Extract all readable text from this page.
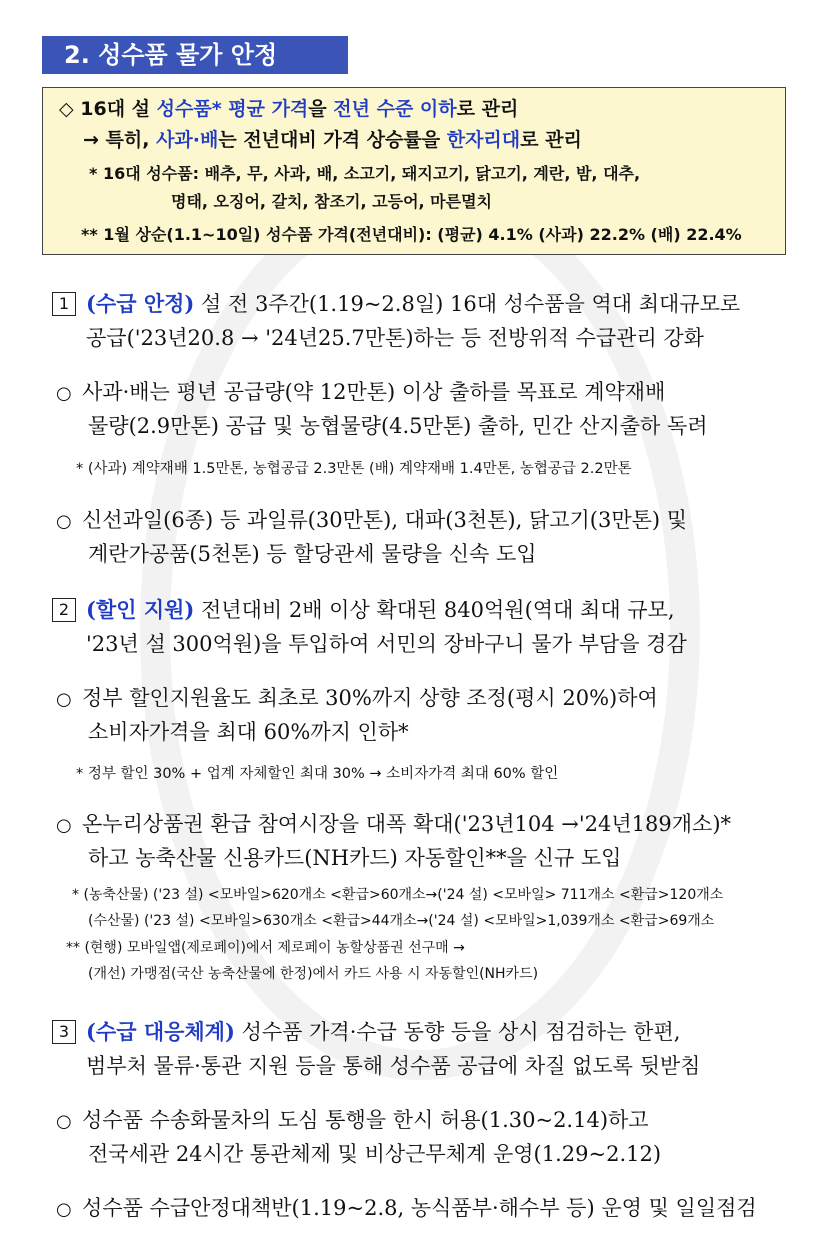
2. 성수품 물가 안정
◇ 16대 설 성수품* 평균 가격을 전년 수준 이하로 관리
→ 특히, 사과·배는 전년대비 가격 상승률을 한자리대로 관리
* 16대 성수품: 배추, 무, 사과, 배, 소고기, 돼지고기, 닭고기, 계란, 밤, 대추,
명태, 오징어, 갈치, 참조기, 고등어, 마른멸치
** 1월 상순(1.1~10일) 성수품 가격(전년대비): (평균) 4.1% (사과) 22.2% (배) 22.4%
1 (수급 안정) 설 전 3주간(1.19~2.8일) 16대 성수품을 역대 최대규모로
공급('23년20.8 → '24년25.7만톤)하는 등 전방위적 수급관리 강화
○ 사과·배는 평년 공급량(약 12만톤) 이상 출하를 목표로 계약재배
물량(2.9만톤) 공급 및 농협물량(4.5만톤) 출하, 민간 산지출하 독려
* (사과) 계약재배 1.5만톤, 농협공급 2.3만톤 (배) 계약재배 1.4만톤, 농협공급 2.2만톤
○ 신선과일(6종) 등 과일류(30만톤), 대파(3천톤), 닭고기(3만톤) 및
계란가공품(5천톤) 등 할당관세 물량을 신속 도입
2 (할인 지원) 전년대비 2배 이상 확대된 840억원(역대 최대 규모,
'23년 설 300억원)을 투입하여 서민의 장바구니 물가 부담을 경감
○ 정부 할인지원율도 최초로 30%까지 상향 조정(평시 20%)하여
소비자가격을 최대 60%까지 인하*
* 정부 할인 30% + 업계 자체할인 최대 30% → 소비자가격 최대 60% 할인
○ 온누리상품권 환급 참여시장을 대폭 확대('23년104 →'24년189개소)*
하고 농축산물 신용카드(NH카드) 자동할인**을 신규 도입
* (농축산물) ('23 설) <모바일>620개소 <환급>60개소→('24 설) <모바일> 711개소 <환급>120개소
(수산물) ('23 설) <모바일>630개소 <환급>44개소→('24 설) <모바일>1,039개소 <환급>69개소
** (현행) 모바일앱(제로페이)에서 제로페이 농할상품권 선구매 →
(개선) 가맹점(국산 농축산물에 한정)에서 카드 사용 시 자동할인(NH카드)
3 (수급 대응체계) 성수품 가격·수급 동향 등을 상시 점검하는 한편,
범부처 물류·통관 지원 등을 통해 성수품 공급에 차질 없도록 뒷받침
○ 성수품 수송화물차의 도심 통행을 한시 허용(1.30~2.14)하고
전국세관 24시간 통관체제 및 비상근무체계 운영(1.29~2.12)
○ 성수품 수급안정대책반(1.19~2.8, 농식품부·해수부 등) 운영 및 일일점검
